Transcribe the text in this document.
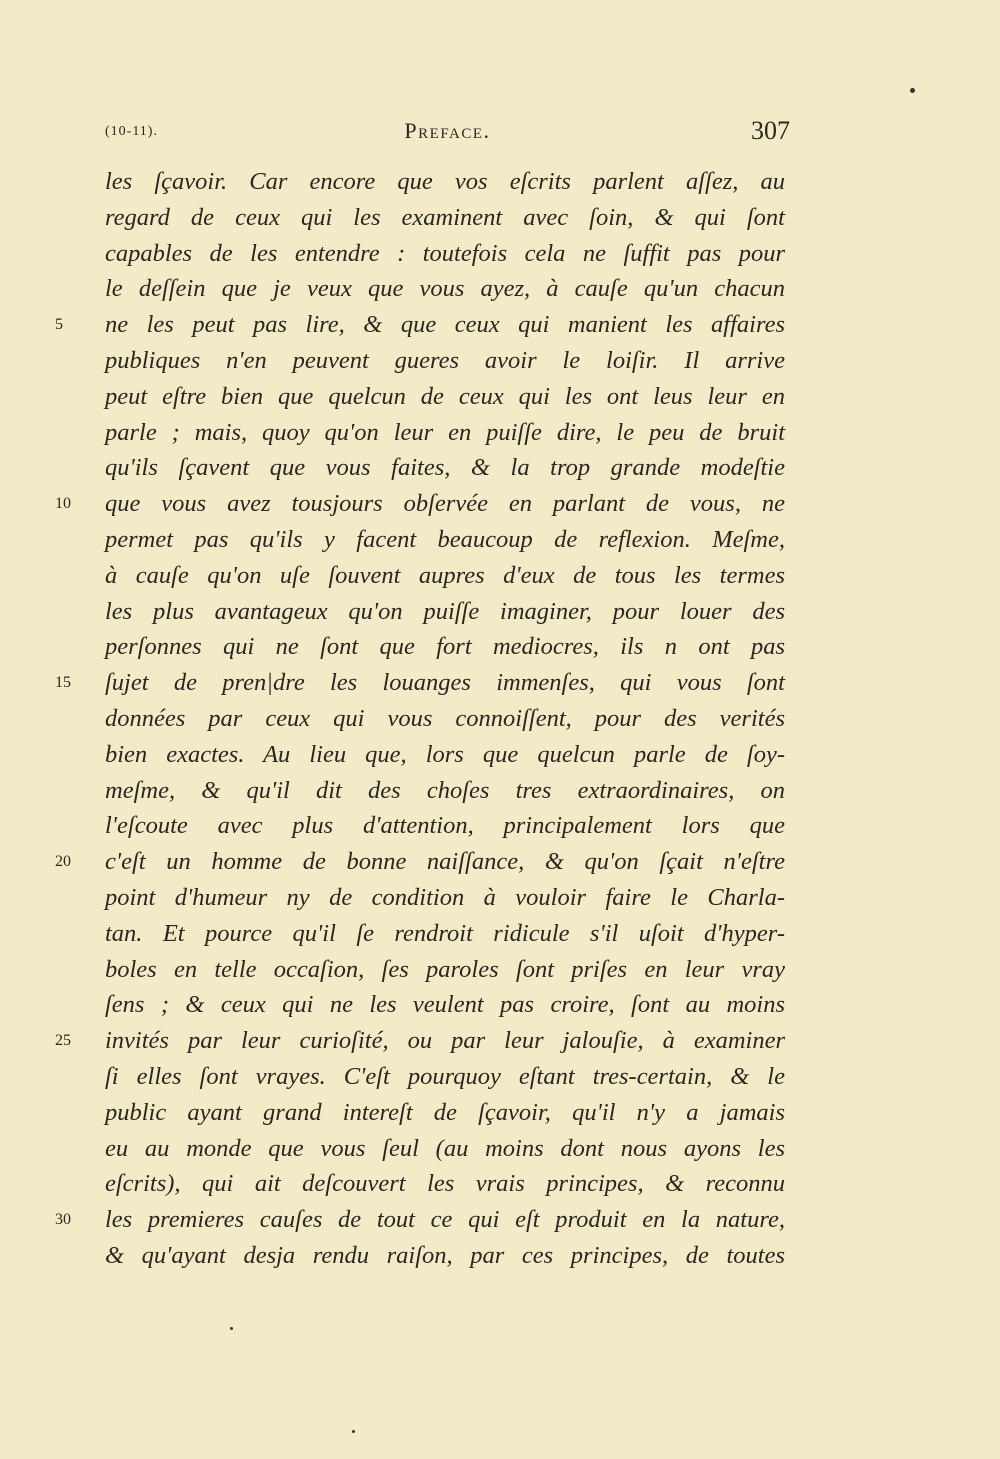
(10-11).	Preface.	307
les ſçavoir. Car encore que vos eſcrits parlent aſſez, au
regard de ceux qui les examinent avec ſoin, & qui ſont
capables de les entendre : toutefois cela ne ſuffit pas pour
le deſſein que je veux que vous ayez, à cauſe qu'un chacun
5	ne les peut pas lire, & que ceux qui manient les affaires
publiques n'en peuvent gueres avoir le loiſir. Il arrive
peut eſtre bien que quelcun de ceux qui les ont leus leur en
parle ; mais, quoy qu'on leur en puiſſe dire, le peu de bruit
qu'ils ſçavent que vous faites, & la trop grande modeſtie
10	que vous avez tousjours obſervée en parlant de vous, ne
permet pas qu'ils y facent beaucoup de reflexion. Meſme,
à cauſe qu'on uſe ſouvent aupres d'eux de tous les termes
les plus avantageux qu'on puiſſe imaginer, pour louer des
perſonnes qui ne ſont que fort mediocres, ils n ont pas
15	ſujet de pren|dre les louanges immenſes, qui vous ſont
données par ceux qui vous connoiſſent, pour des verités
bien exactes. Au lieu que, lors que quelcun parle de ſoy-
meſme, & qu'il dit des choſes tres extraordinaires, on
l'eſcoute avec plus d'attention, principalement lors que
20	c'eſt un homme de bonne naiſſance, & qu'on ſçait n'eſtre
point d'humeur ny de condition à vouloir faire le Charla-
tan. Et pource qu'il ſe rendroit ridicule s'il uſoit d'hyper-
boles en telle occaſion, ſes paroles ſont priſes en leur vray
ſens ; & ceux qui ne les veulent pas croire, ſont au moins
25	invités par leur curioſité, ou par leur jalouſie, à examiner
ſi elles ſont vrayes. C'eſt pourquoy eſtant tres-certain, & le
public ayant grand intereſt de ſçavoir, qu'il n'y a jamais
eu au monde que vous ſeul (au moins dont nous ayons les
eſcrits), qui ait deſcouvert les vrais principes, & reconnu
30	les premieres cauſes de tout ce qui eſt produit en la nature,
& qu'ayant desja rendu raiſon, par ces principes, de toutes
